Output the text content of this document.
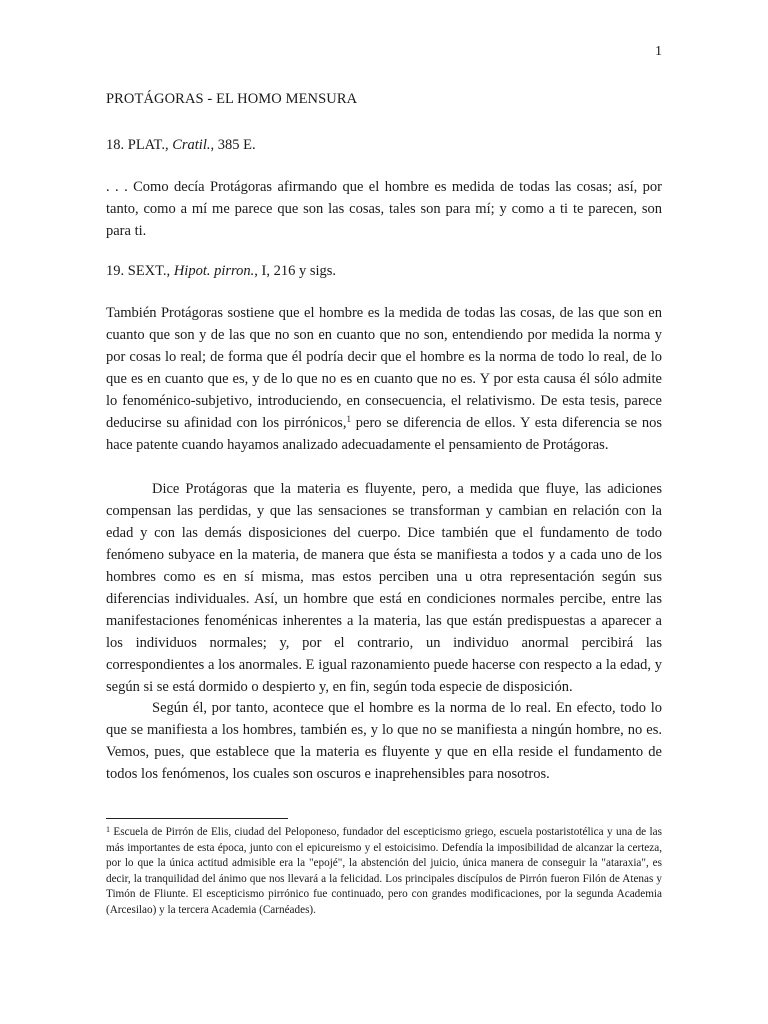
1
PROTÁGORAS - EL HOMO MENSURA
18. PLAT., Cratil., 385 E.

. . . Como decía Protágoras afirmando que el hombre es medida de todas las cosas; así, por tanto, como a mí me parece que son las cosas, tales son para mí; y como a ti te parecen, son para ti.

19. SEXT., Hipot. pirron., I, 216 y sigs.

También Protágoras sostiene que el hombre es la medida de todas las cosas, de las que son en cuanto que son y de las que no son en cuanto que no son, entendiendo por medida la norma y por cosas lo real; de forma que él podría decir que el hombre es la norma de todo lo real, de lo que es en cuanto que es, y de lo que no es en cuanto que no es. Y por esta causa él sólo admite lo fenoménico-subjetivo, introduciendo, en consecuencia, el relativismo. De esta tesis, parece deducirse su afinidad con los pirrónicos,$^1$ pero se diferencia de ellos. Y esta diferencia se nos hace patente cuando hayamos analizado adecuadamente el pensamiento de Protágoras.

Dice Protágoras que la materia es fluyente, pero, a medida que fluye, las adiciones compensan las perdidas, y que las sensaciones se transforman y cambian en relación con la edad y con las demás disposiciones del cuerpo. Dice también que el fundamento de todo fenómeno subyace en la materia, de manera que ésta se manifiesta a todos y a cada uno de los hombres como es en sí misma, mas estos perciben una u otra representación según sus diferencias individuales. Así, un hombre que está en condiciones normales percibe, entre las manifestaciones fenoménicas inherentes a la materia, las que están predispuestas a aparecer a los individuos normales; y, por el contrario, un individuo anormal percibirá las correspondientes a los anormales. E igual razonamiento puede hacerse con respecto a la edad, y según si se está dormido o despierto y, en fin, según toda especie de disposición.

Según él, por tanto, acontece que el hombre es la norma de lo real. En efecto, todo lo que se manifiesta a los hombres, también es, y lo que no se manifiesta a ningún hombre, no es. Vemos, pues, que establece que la materia es fluyente y que en ella reside el fundamento de todos los fenómenos, los cuales son oscuros e inaprehensibles para nosotros.

$^1$ Escuela de Pirrón de Elis, ciudad del Peloponeso, fundador del escepticismo griego, escuela postaristotélica y una de las más importantes de esta época, junto con el epicureismo y el estoicisimo. Defendía la imposibilidad de alcanzar la certeza, por lo que la única actitud admisible era la "epojé", la abstención del juicio, única manera de conseguir la "ataraxia", es decir, la tranquilidad del ánimo que nos llevará a la felicidad. Los principales discípulos de Pirrón fueron Filón de Atenas y Timón de Fliunte. El escepticismo pirrónico fue continuado, pero con grandes modificaciones, por la segunda Academia (Arcesilao) y la tercera Academia (Carnéades).
